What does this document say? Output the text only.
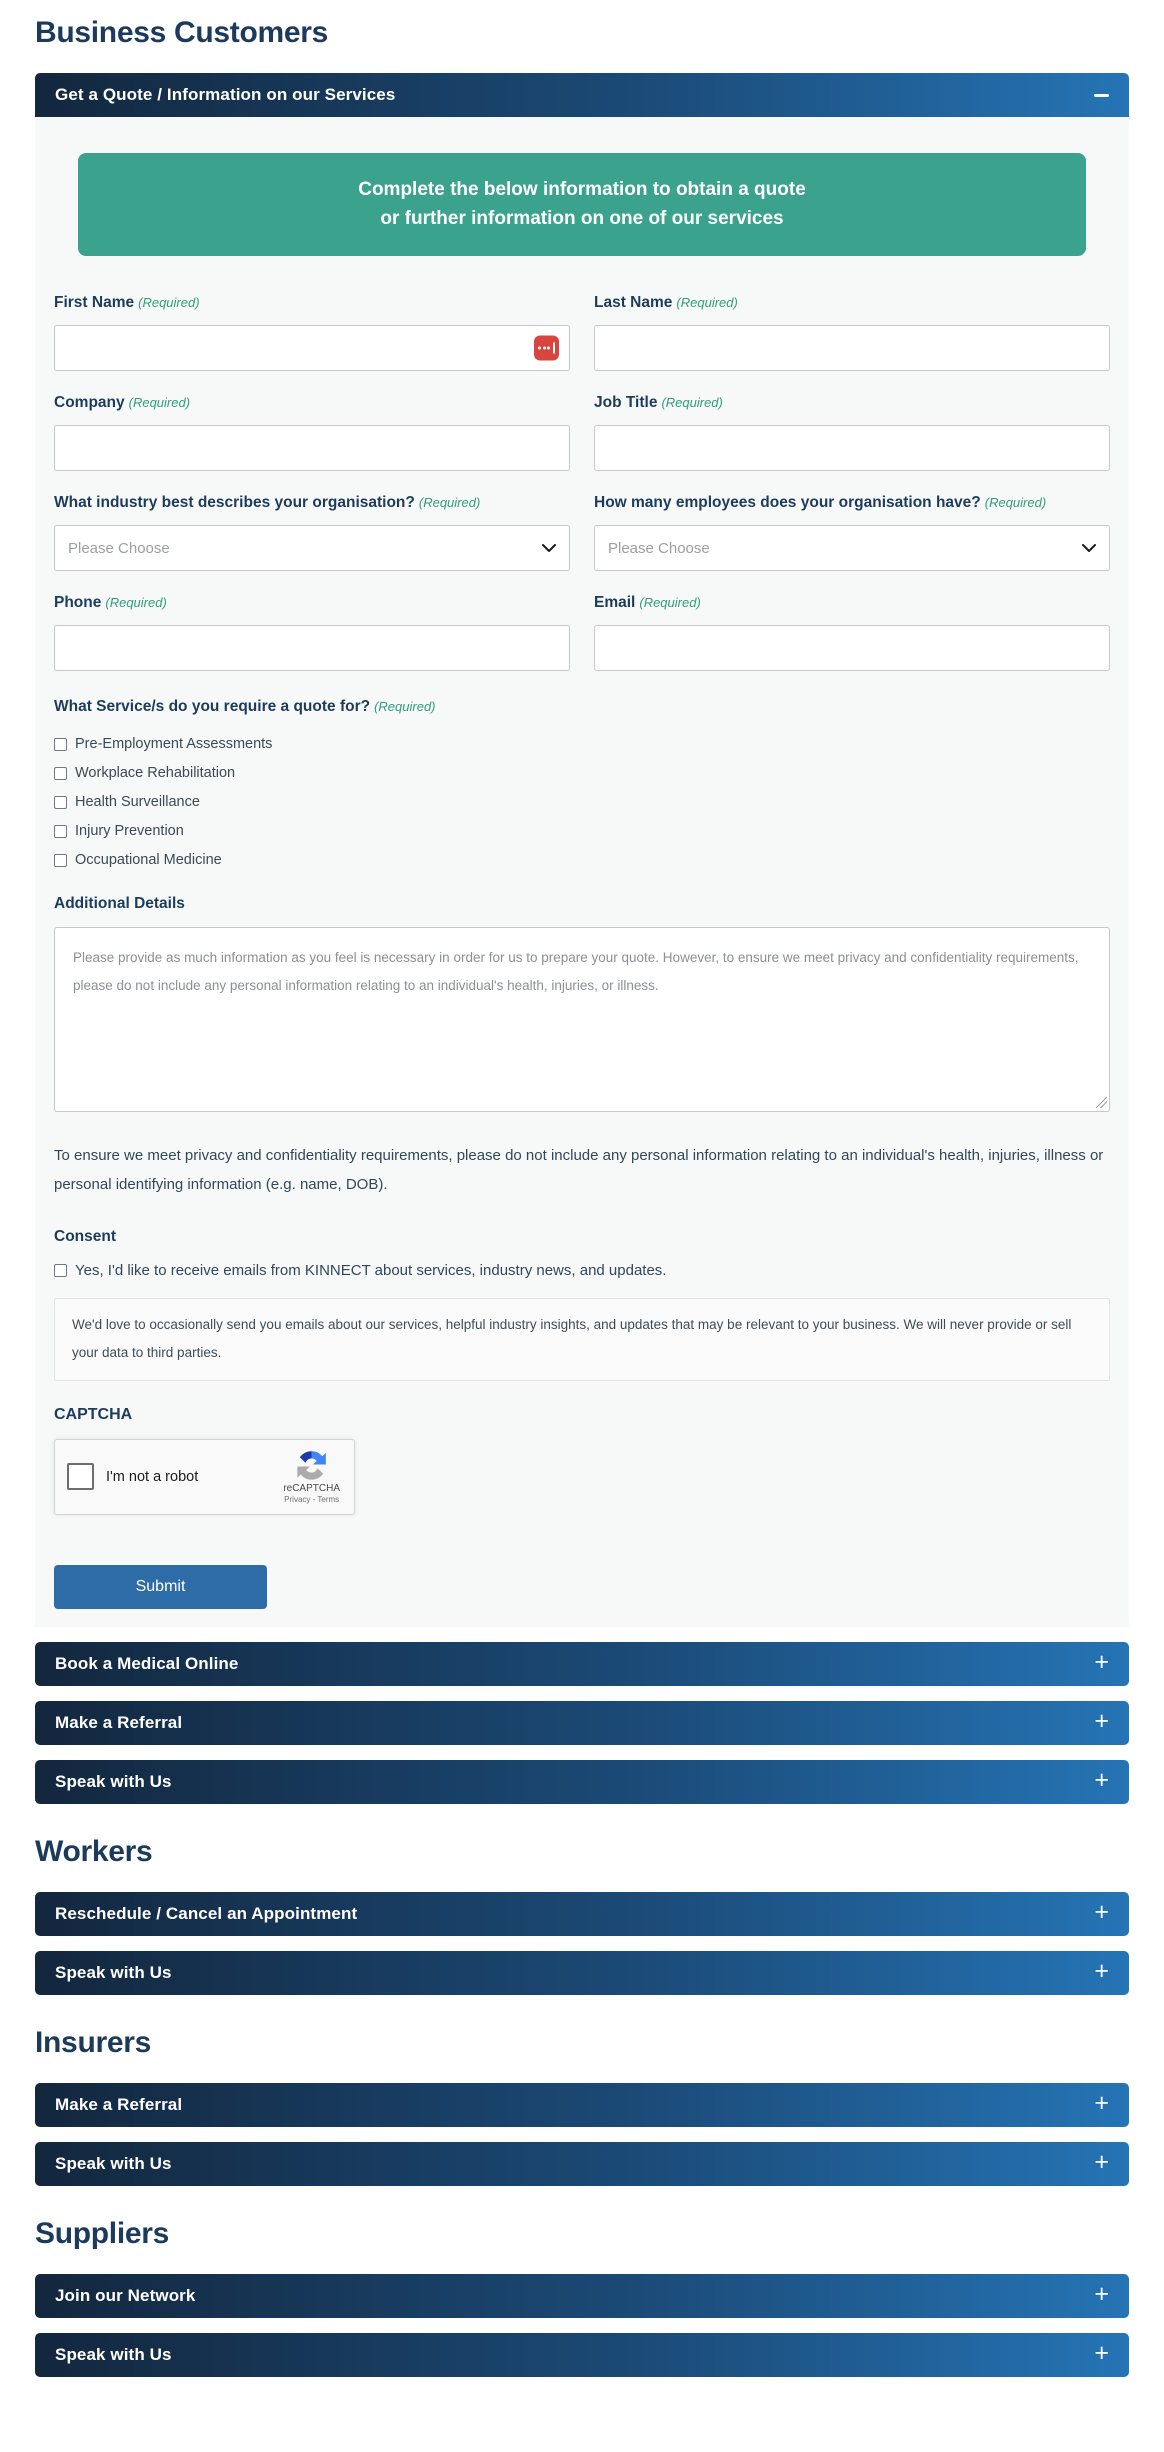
Business Customers
Get a Quote / Information on our Services
Complete the below information to obtain a quote
or further information on one of our services
First Name (Required)	Last Name (Required)
Company (Required)	Job Title (Required)
What industry best describes your organisation? (Required)
Please Choose
How many employees does your organisation have? (Required)
Please Choose
Phone (Required)	Email (Required)
What Service/s do you require a quote for? (Required)
Pre-Employment Assessments
Workplace Rehabilitation
Health Surveillance
Injury Prevention
Occupational Medicine
Additional Details
Please provide as much information as you feel is necessary in order for us to prepare your quote. However, to ensure we meet privacy and confidentiality requirements, please do not include any personal information relating to an individual's health, injuries, or illness.

To ensure we meet privacy and confidentiality requirements, please do not include any personal information relating to an individual's health, injuries, illness or personal identifying information (e.g. name, DOB).

Consent
Yes, I'd like to receive emails from KINNECT about services, industry news, and updates.
We'd love to occasionally send you emails about our services, helpful industry insights, and updates that may be relevant to your business. We will never provide or sell your data to third parties.
CAPTCHA
I'm not a robot
reCAPTCHA
Privacy - Terms
Submit
Book a Medical Online	+
Make a Referral	+
Speak with Us	+
Workers
Reschedule / Cancel an Appointment	+
Speak with Us	+
Insurers
Make a Referral	+
Speak with Us	+
Suppliers
Join our Network	+
Speak with Us	+
